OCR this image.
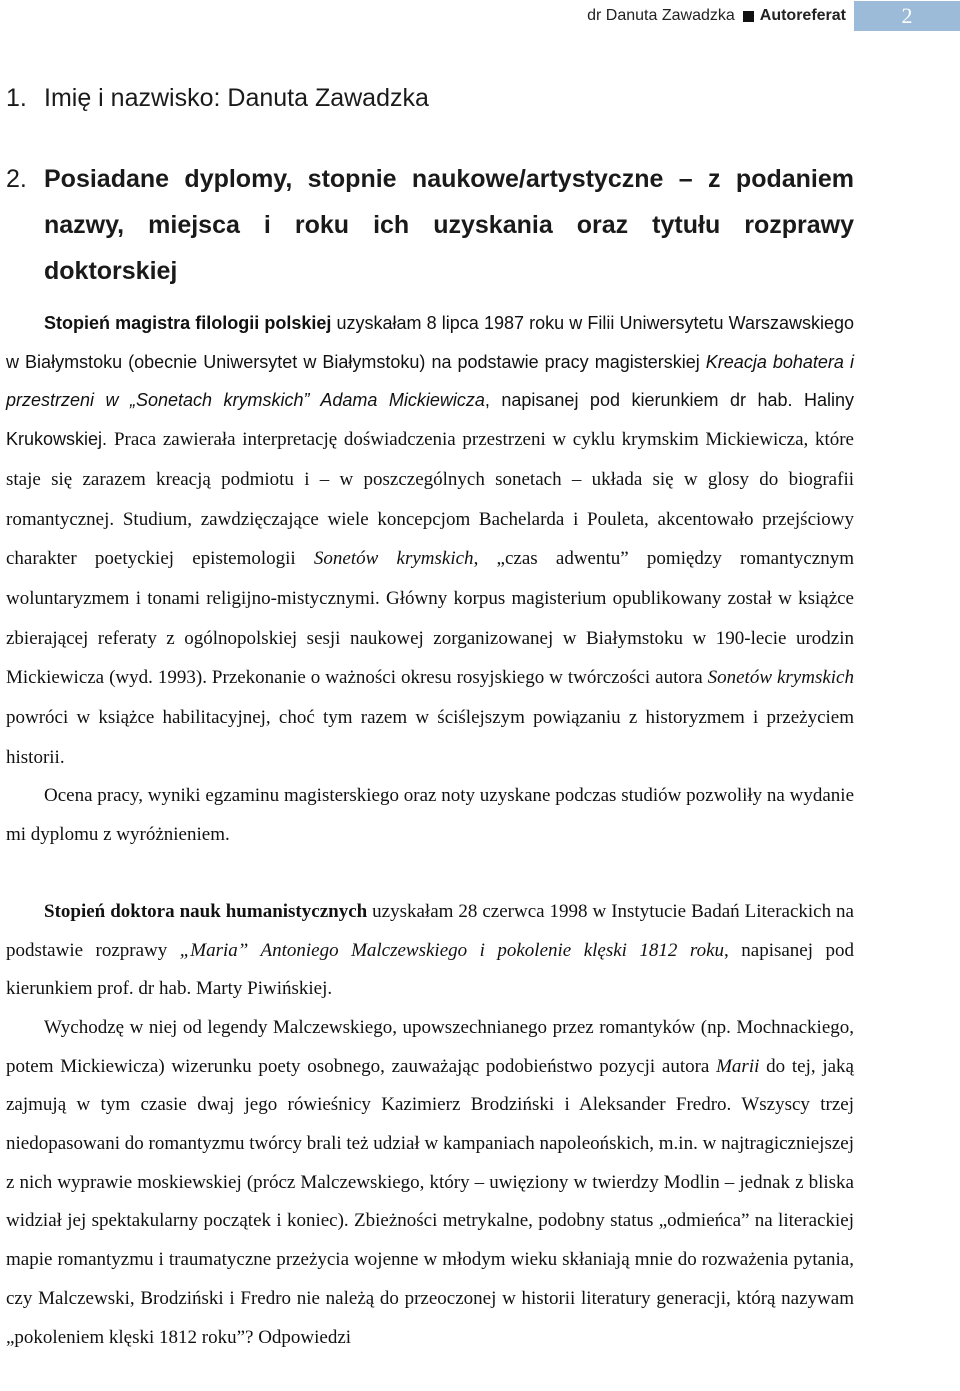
dr Danuta Zawadzka Autoreferat	2
1. Imię i nazwisko: Danuta Zawadzka
2. Posiadane dyplomy, stopnie naukowe/artystyczne – z podaniem nazwy, miejsca i roku ich uzyskania oraz tytułu rozprawy doktorskiej

Stopień magistra filologii polskiej uzyskałam 8 lipca 1987 roku w Filii Uniwersytetu Warszawskiego w Białymstoku (obecnie Uniwersytet w Białymstoku) na podstawie pracy magisterskiej Kreacja bohatera i przestrzeni w „Sonetach krymskich” Adama Mickiewicza, napisanej pod kierunkiem dr hab. Haliny Krukowskiej. Praca zawierała interpretację doświadczenia przestrzeni w cyklu krymskim Mickiewicza, które staje się zarazem kreacją podmiotu i – w poszczególnych sonetach – układa się w glosy do biografii romantycznej. Studium, zawdzięczające wiele koncepcjom Bachelarda i Pouleta, akcentowało przejściowy charakter poetyckiej epistemologii Sonetów krymskich, „czas adwentu” pomiędzy romantycznym woluntaryzmem i tonami religijno-mistycznymi. Główny korpus magisterium opublikowany został w książce zbierającej referaty z ogólnopolskiej sesji naukowej zorganizowanej w Białymstoku w 190-lecie urodzin Mickiewicza (wyd. 1993). Przekonanie o ważności okresu rosyjskiego w twórczości autora Sonetów krymskich powróci w książce habilitacyjnej, choć tym razem w ściślejszym powiązaniu z historyzmem i przeżyciem historii.

Ocena pracy, wyniki egzaminu magisterskiego oraz noty uzyskane podczas studiów pozwoliły na wydanie mi dyplomu z wyróżnieniem.

Stopień doktora nauk humanistycznych uzyskałam 28 czerwca 1998 w Instytucie Badań Literackich na podstawie rozprawy „Maria” Antoniego Malczewskiego i pokolenie klęski 1812 roku, napisanej pod kierunkiem prof. dr hab. Marty Piwińskiej.

Wychodzę w niej od legendy Malczewskiego, upowszechnianego przez romantyków (np. Mochnackiego, potem Mickiewicza) wizerunku poety osobnego, zauważając podobieństwo pozycji autora Marii do tej, jaką zajmują w tym czasie dwaj jego rówieśnicy Kazimierz Brodziński i Aleksander Fredro. Wszyscy trzej niedopasowani do romantyzmu twórcy brali też udział w kampaniach napoleońskich, m.in. w najtragiczniejszej z nich wyprawie moskiewskiej (prócz Malczewskiego, który – uwięziony w twierdzy Modlin – jednak z bliska widział jej spektakularny początek i koniec). Zbieżności metrykalne, podobny status „odmieńca” na literackiej mapie romantyzmu i traumatyczne przeżycia wojenne w młodym wieku skłaniają mnie do rozważenia pytania, czy Malczewski, Brodziński i Fredro nie należą do przeoczonej w historii literatury generacji, którą nazywam „pokoleniem klęski 1812 roku”? Odpowiedzi
